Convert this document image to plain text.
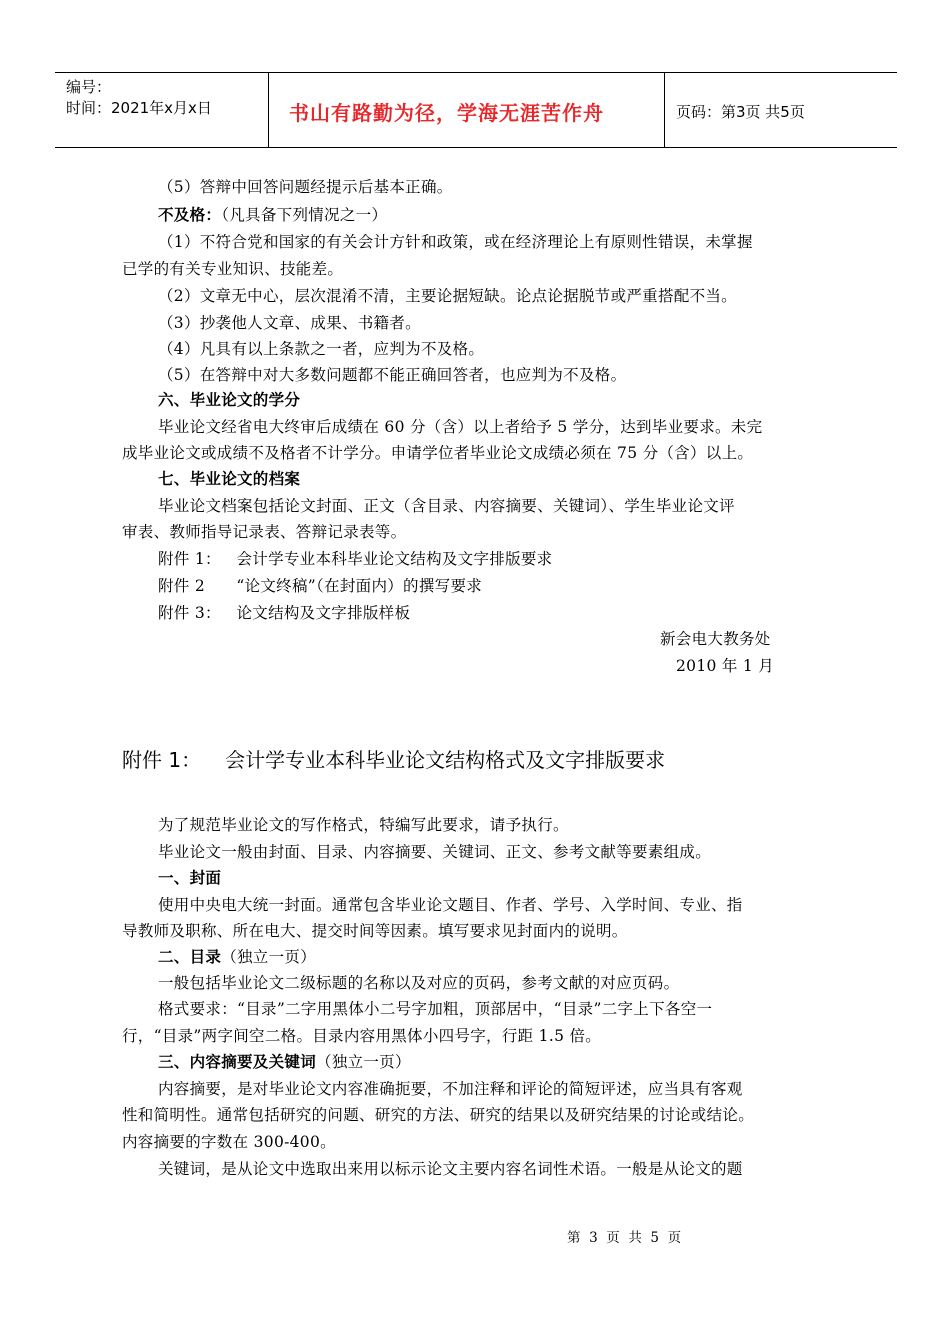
编号：
时间：2021年x月x日	书山有路勤为径，学海无涯苦作舟	页码：第3页 共5页
（5）答辩中回答问题经提示后基本正确。
不及格：（凡具备下列情况之一）
（1）不符合党和国家的有关会计方针和政策，或在经济理论上有原则性错误，未掌握
已学的有关专业知识、技能差。
（2）文章无中心，层次混淆不清，主要论据短缺。论点论据脱节或严重搭配不当。
（3）抄袭他人文章、成果、书籍者。
（4）凡具有以上条款之一者，应判为不及格。
（5）在答辩中对大多数问题都不能正确回答者，也应判为不及格。
六、毕业论文的学分
毕业论文经省电大终审后成绩在 60 分（含）以上者给予 5 学分，达到毕业要求。未完
成毕业论文或成绩不及格者不计学分。申请学位者毕业论文成绩必须在 75 分（含）以上。
七、毕业论文的档案
毕业论文档案包括论文封面、正文（含目录、内容摘要、关键词）、学生毕业论文评
审表、教师指导记录表、答辩记录表等。
附件 1：   会计学专业本科毕业论文结构及文字排版要求
附件 2      “论文终稿”（在封面内）的撰写要求
附件 3：   论文结构及文字排版样板
新会电大教务处
2010 年 1 月
附件 1： 会计学专业本科毕业论文结构格式及文字排版要求
为了规范毕业论文的写作格式，特编写此要求，请予执行。
毕业论文一般由封面、目录、内容摘要、关键词、正文、参考文献等要素组成。
一、封面
使用中央电大统一封面。通常包含毕业论文题目、作者、学号、入学时间、专业、指
导教师及职称、所在电大、提交时间等因素。填写要求见封面内的说明。
二、目录（独立一页）
一般包括毕业论文二级标题的名称以及对应的页码，参考文献的对应页码。
格式要求：“目录”二字用黑体小二号字加粗，顶部居中，“目录”二字上下各空一
行，“目录”两字间空二格。目录内容用黑体小四号字，行距 1.5 倍。
三、内容摘要及关键词（独立一页）
内容摘要，是对毕业论文内容准确扼要，不加注释和评论的简短评述，应当具有客观
性和简明性。通常包括研究的问题、研究的方法、研究的结果以及研究结果的讨论或结论。
内容摘要的字数在 300-400。
关键词，是从论文中选取出来用以标示论文主要内容名词性术语。一般是从论文的题
第  3  页  共  5  页
